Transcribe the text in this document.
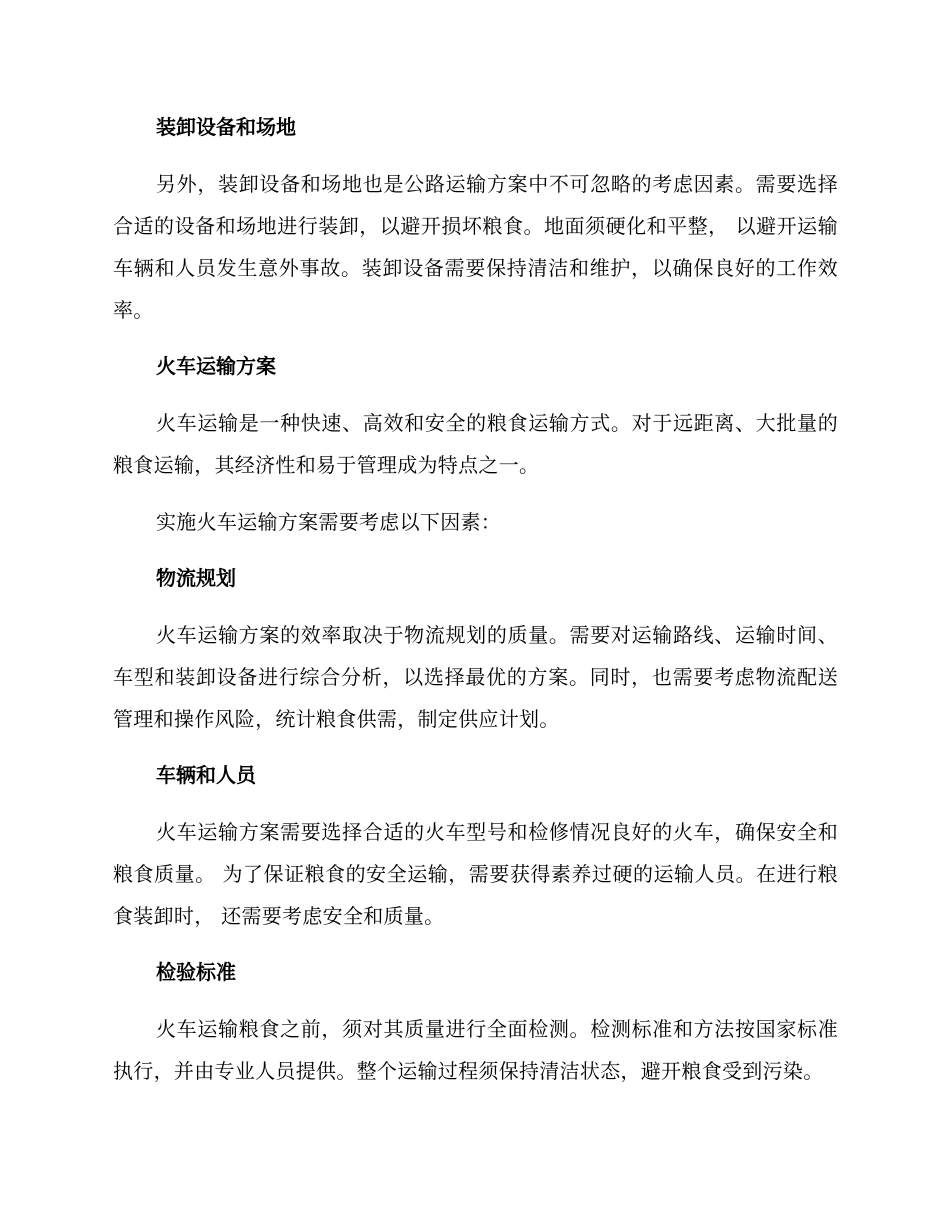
装卸设备和场地

另外，装卸设备和场地也是公路运输方案中不可忽略的考虑因素。需要选择合适的设备和场地进行装卸，以避开损坏粮食。地面须硬化和平整， 以避开运输车辆和人员发生意外事故。装卸设备需要保持清洁和维护，以确保良好的工作效率。

火车运输方案

火车运输是一种快速、高效和安全的粮食运输方式。对于远距离、大批量的粮食运输，其经济性和易于管理成为特点之一。

实施火车运输方案需要考虑以下因素：

物流规划

火车运输方案的效率取决于物流规划的质量。需要对运输路线、运输时间、车型和装卸设备进行综合分析，以选择最优的方案。同时，也需要考虑物流配送管理和操作风险，统计粮食供需，制定供应计划。

车辆和人员

火车运输方案需要选择合适的火车型号和检修情况良好的火车，确保安全和粮食质量。 为了保证粮食的安全运输，需要获得素养过硬的运输人员。在进行粮食装卸时， 还需要考虑安全和质量。

检验标准

火车运输粮食之前，须对其质量进行全面检测。检测标准和方法按国家标准执行，并由专业人员提供。整个运输过程须保持清洁状态，避开粮食受到污染。
